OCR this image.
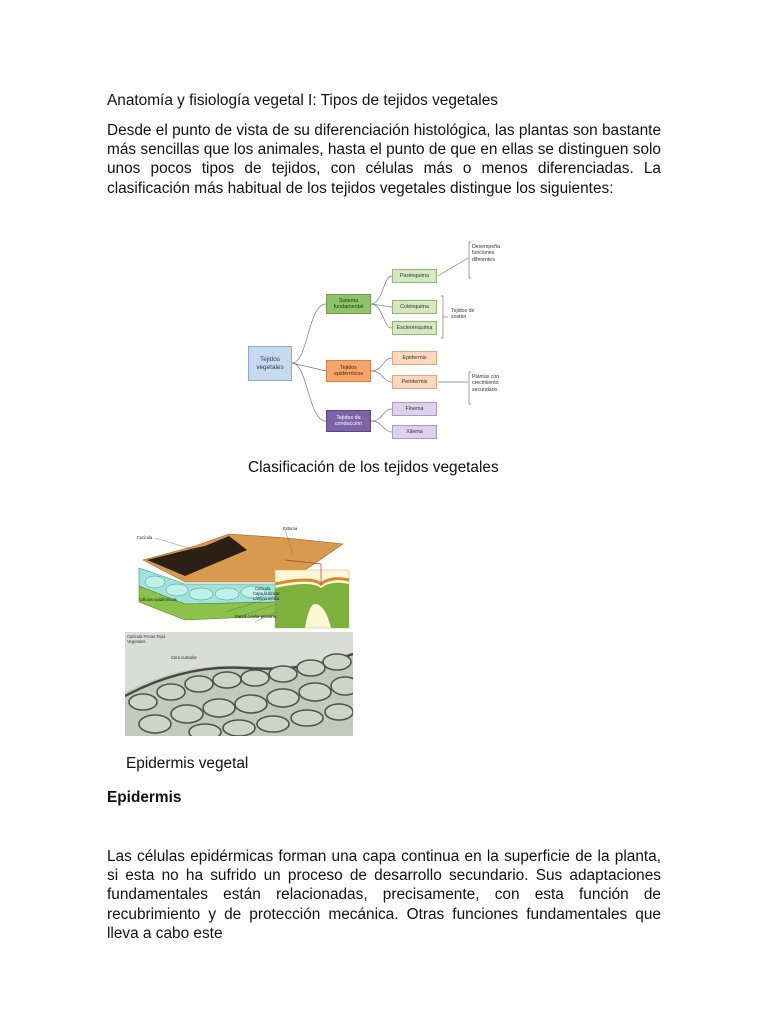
Anatomía y fisiología vegetal I: Tipos de tejidos vegetales
Desde el punto de vista de su diferenciación histológica, las plantas son bastante más sencillas que los animales, hasta el punto de que en ellas se distinguen solo unos pocos tipos de tejidos, con células más o menos diferenciadas. La clasificación más habitual de los tejidos vegetales distingue los siguientes:
Tejidos vegetales
Sistema fundamental
Parénquima
Colénquima
Esclerénquima
Tejidos epidérmicos
Epidermis
Peridermis
Tejidos de conducción
Floema
Xilema
Desempeña funciones diferentes
Tejidos de sostén
Plantas con crecimiento secundario
Clasificación de los tejidos vegetales
Cutícula
Estoma
Células epidérmicas
Cutícula
Capa cuticular
Lámina media
Pared celular primaria
Cutícula Pecas Tejid. Vegetales
Cera cuticular
Epidermis vegetal
Epidermis
Las células epidérmicas forman una capa continua en la superficie de la planta, si esta no ha sufrido un proceso de desarrollo secundario. Sus adaptaciones fundamentales están relacionadas, precisamente, con esta función de recubrimiento y de protección mecánica. Otras funciones fundamentales que lleva a cabo este
